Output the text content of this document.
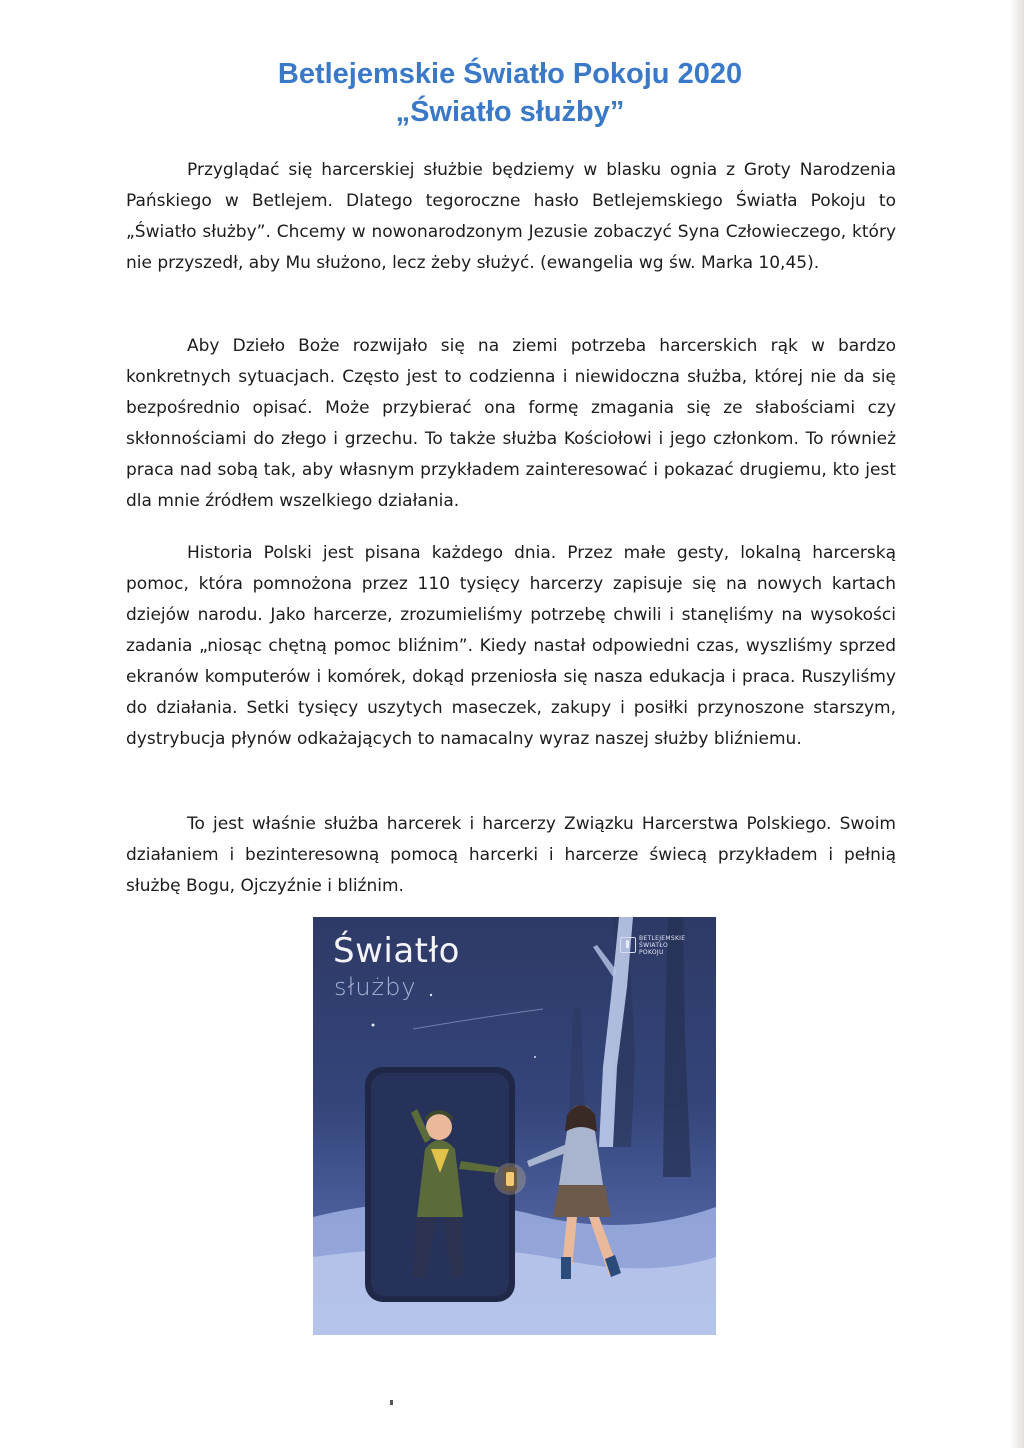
Betlejemskie Światło Pokoju 2020
„Światło służby”

Przyglądać się harcerskiej służbie będziemy w blasku ognia z Groty Narodzenia Pańskiego w Betlejem. Dlatego tegoroczne hasło Betlejemskiego Światła Pokoju to „Światło służby”. Chcemy w nowonarodzonym Jezusie zobaczyć Syna Człowieczego, który nie przyszedł, aby Mu służono, lecz żeby służyć. (ewangelia wg św. Marka 10,45).

Aby Dzieło Boże rozwijało się na ziemi potrzeba harcerskich rąk w bardzo konkretnych sytuacjach. Często jest to codzienna i niewidoczna służba, której nie da się bezpośrednio opisać. Może przybierać ona formę zmagania się ze słabościami czy skłonnościami do złego i grzechu. To także służba Kościołowi i jego członkom. To również praca nad sobą tak, aby własnym przykładem zainteresować i pokazać drugiemu, kto jest dla mnie źródłem wszelkiego działania.

Historia Polski jest pisana każdego dnia. Przez małe gesty, lokalną harcerską pomoc, która pomnożona przez 110 tysięcy harcerzy zapisuje się na nowych kartach dziejów narodu. Jako harcerze, zrozumieliśmy potrzebę chwili i stanęliśmy na wysokości zadania „niosąc chętną pomoc bliźnim”. Kiedy nastał odpowiedni czas, wyszliśmy sprzed ekranów komputerów i komórek, dokąd przeniosła się nasza edukacja i praca. Ruszyliśmy do działania. Setki tysięcy uszytych maseczek, zakupy i posiłki przynoszone starszym, dystrybucja płynów odkażających to namacalny wyraz naszej służby bliźniemu.

To jest właśnie służba harcerek i harcerzy Związku Harcerstwa Polskiego. Swoim działaniem i bezinteresowną pomocą harcerki i harcerze świecą przykładem i pełnią służbę Bogu, Ojczyźnie i bliźnim.

Światło

służby

BETLEJEMSKIE
ŚWIATŁO
POKOJU
